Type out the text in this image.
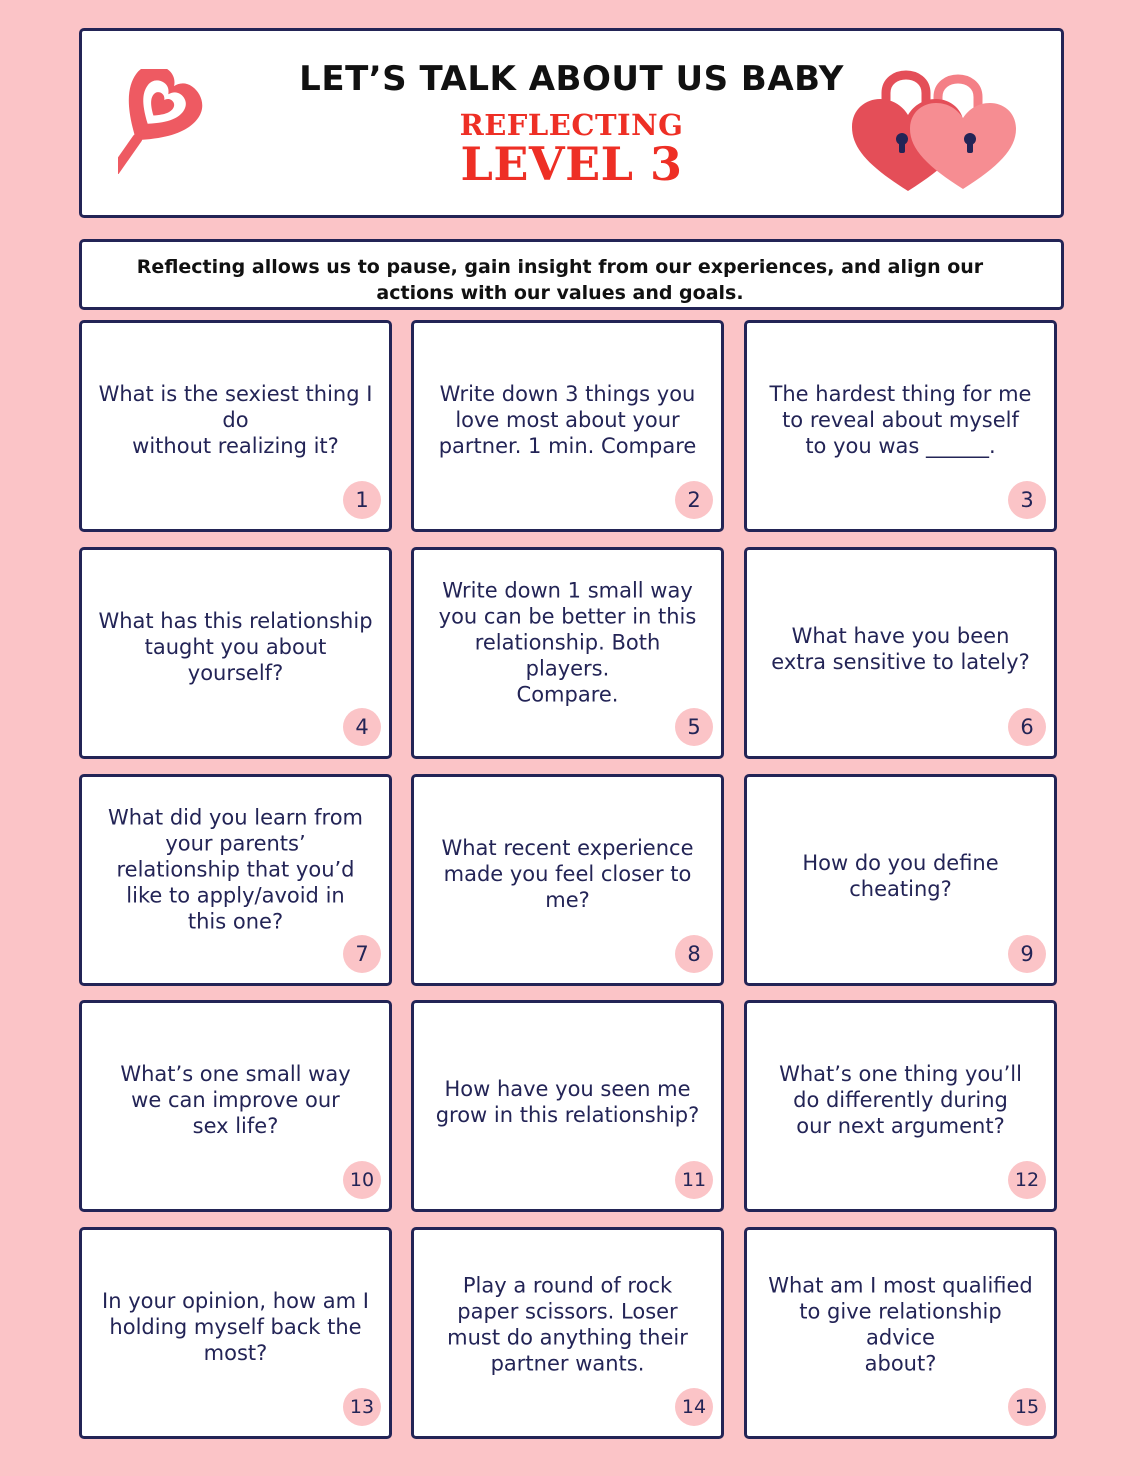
LET’S TALK ABOUT US BABY
REFLECTING
LEVEL 3
Reflecting allows us to pause, gain insight from our experiences, and align our
actions with our values and goals.
What is the sexiest thing I do
without realizing it?
1
Write down 3 things you
love most about your
partner. 1 min. Compare
2
The hardest thing for me
to reveal about myself
to you was ______.
3
What has this relationship
taught you about yourself?
4
Write down 1 small way
you can be better in this
relationship. Both players.
Compare.
5
What have you been
extra sensitive to lately?
6
What did you learn from
your parents’
relationship that you’d
like to apply/avoid in
this one?
7
What recent experience
made you feel closer to
me?
8
How do you define
cheating?
9
What’s one small way
we can improve our
sex life?
10
How have you seen me
grow in this relationship?
11
What’s one thing you’ll
do differently during
our next argument?
12
In your opinion, how am I
holding myself back the
most?
13
Play a round of rock
paper scissors. Loser
must do anything their
partner wants.
14
What am I most qualified
to give relationship advice
about?
15
